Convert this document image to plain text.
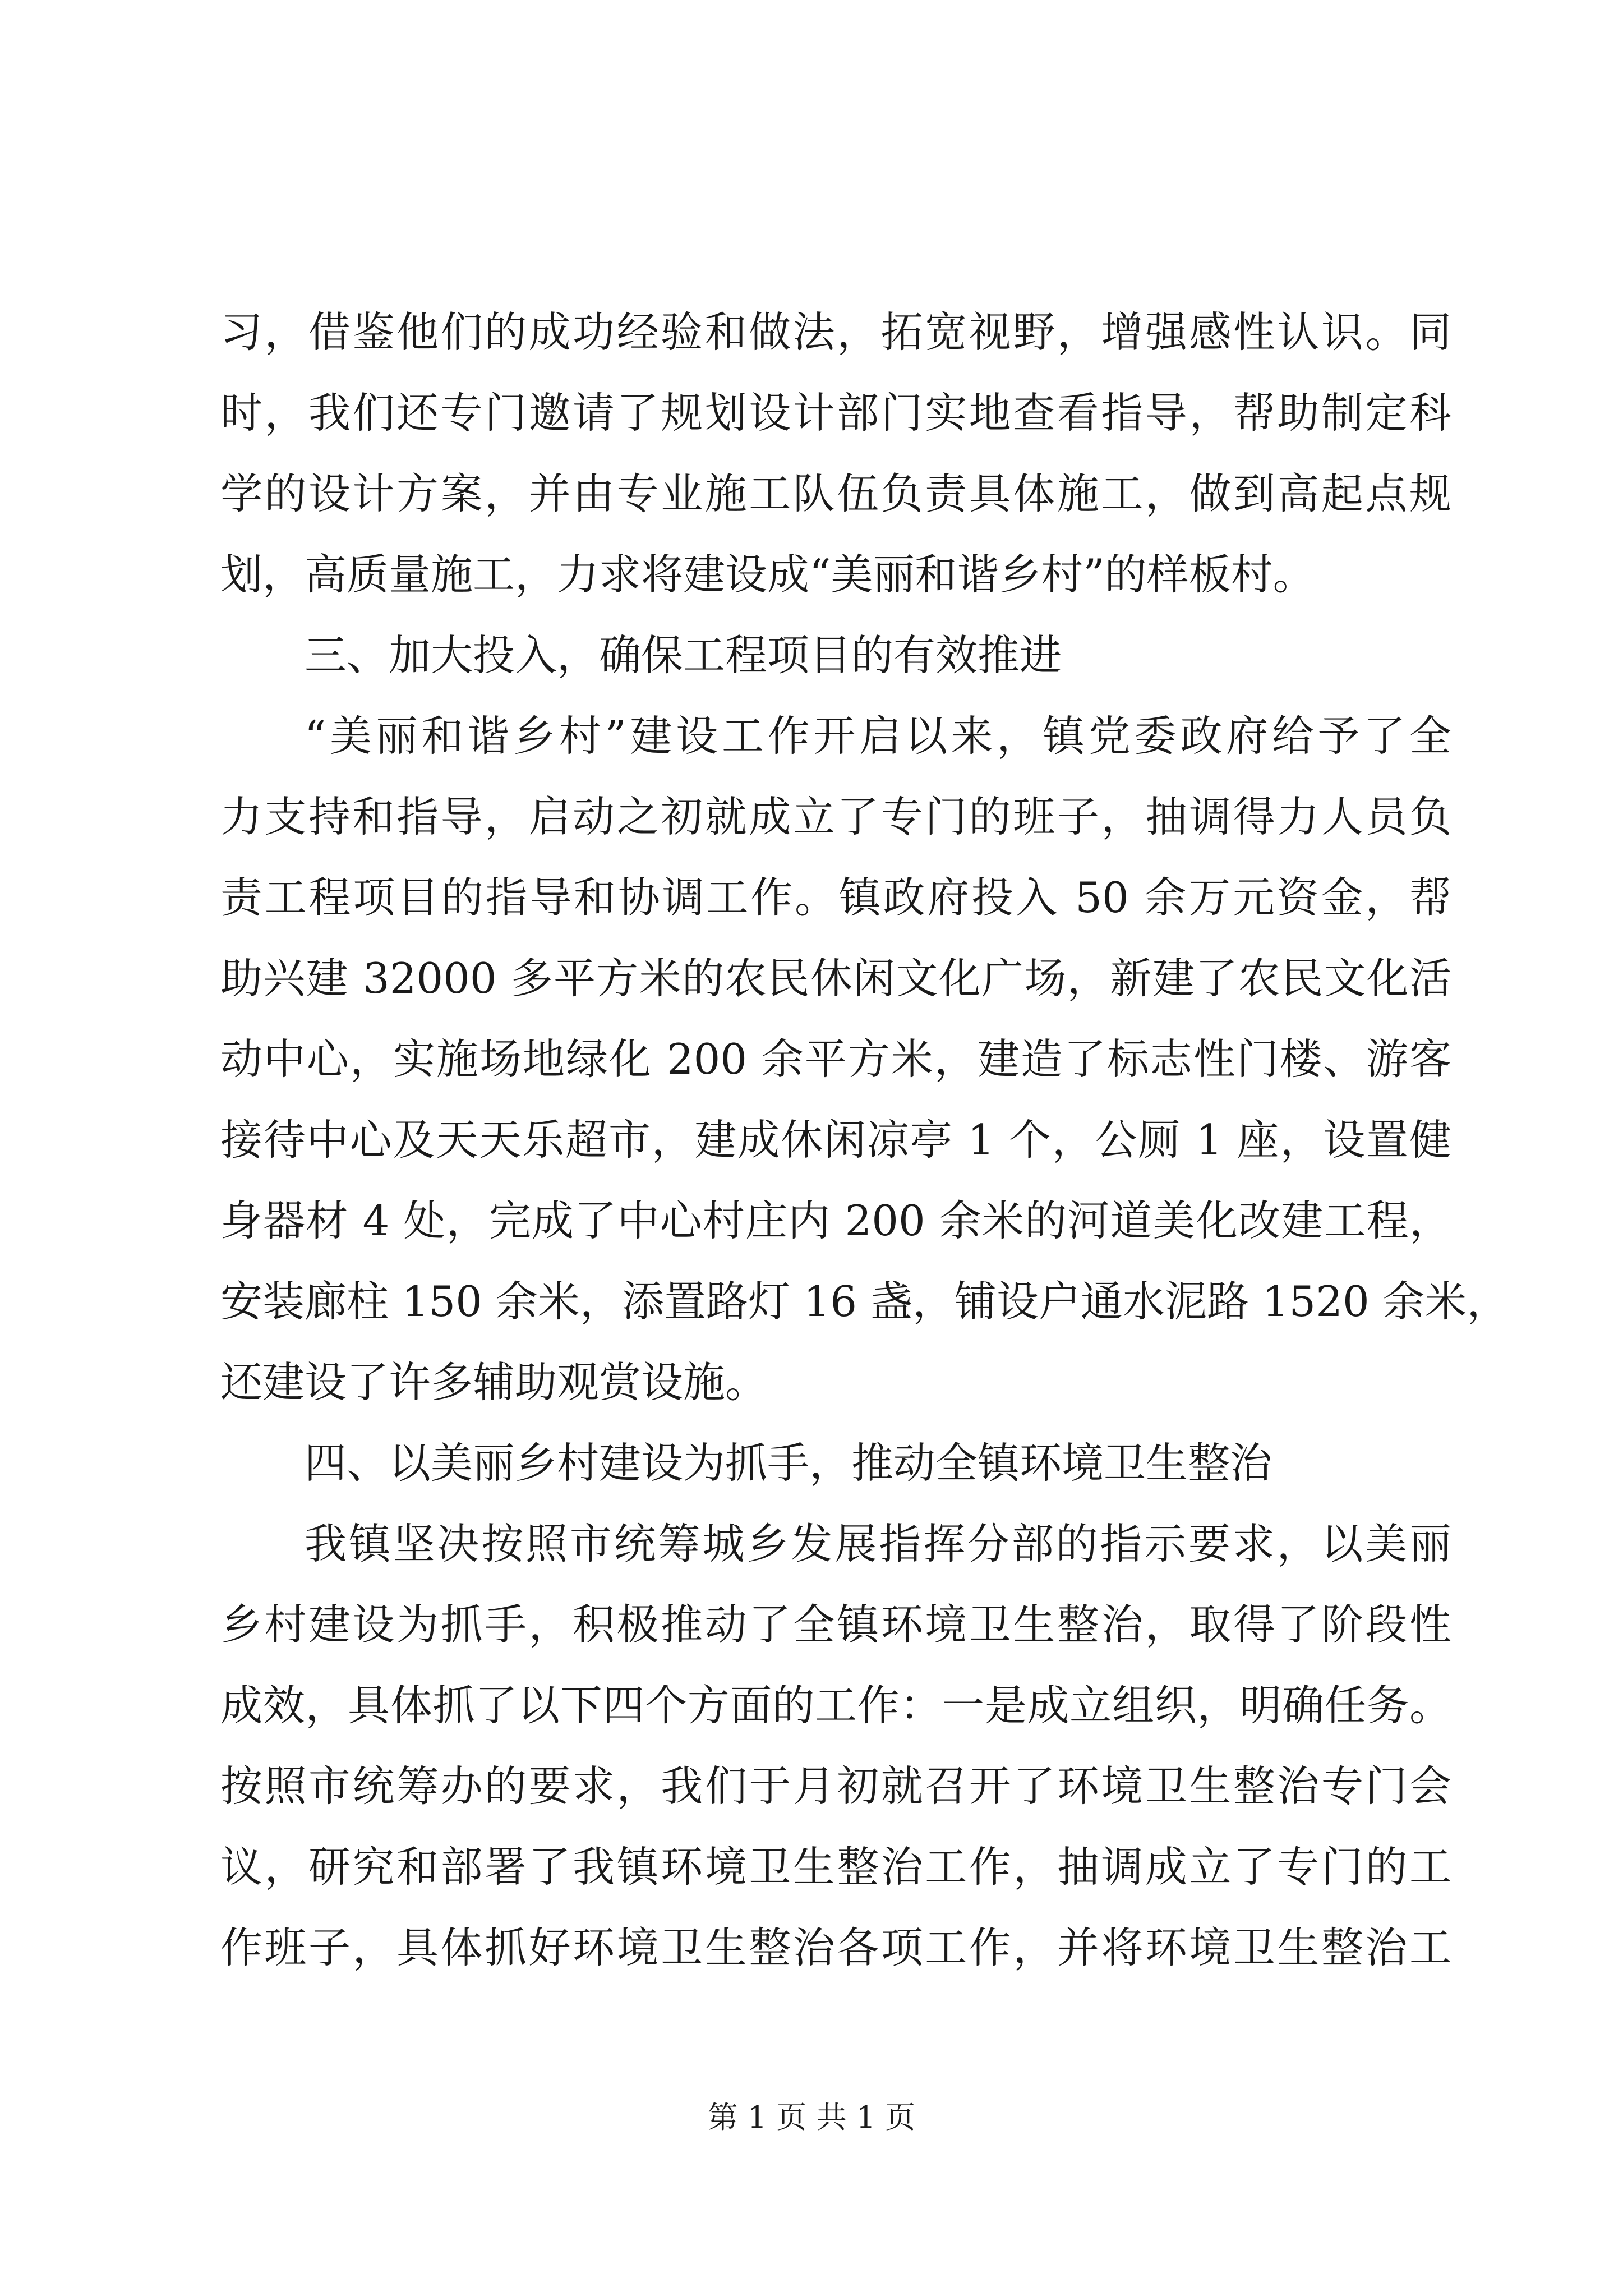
习，借鉴他们的成功经验和做法，拓宽视野，增强感性认识。同
时，我们还专门邀请了规划设计部门实地查看指导，帮助制定科
学的设计方案，并由专业施工队伍负责具体施工，做到高起点规
划，高质量施工，力求将建设成“美丽和谐乡村”的样板村。
三、加大投入，确保工程项目的有效推进
“美丽和谐乡村”建设工作开启以来，镇党委政府给予了全
力支持和指导，启动之初就成立了专门的班子，抽调得力人员负
责工程项目的指导和协调工作。镇政府投入 50 余万元资金，帮
助兴建 32000 多平方米的农民休闲文化广场，新建了农民文化活
动中心，实施场地绿化 200 余平方米，建造了标志性门楼、游客
接待中心及天天乐超市，建成休闲凉亭 1 个，公厕 1 座，设置健
身器材 4 处，完成了中心村庄内 200 余米的河道美化改建工程，
安装廊柱 150 余米，添置路灯 16 盏，铺设户通水泥路 1520 余米，
还建设了许多辅助观赏设施。
四、以美丽乡村建设为抓手，推动全镇环境卫生整治
我镇坚决按照市统筹城乡发展指挥分部的指示要求，以美丽
乡村建设为抓手，积极推动了全镇环境卫生整治，取得了阶段性
成效，具体抓了以下四个方面的工作：一是成立组织，明确任务。
按照市统筹办的要求，我们于月初就召开了环境卫生整治专门会
议，研究和部署了我镇环境卫生整治工作，抽调成立了专门的工
作班子，具体抓好环境卫生整治各项工作，并将环境卫生整治工
第 1 页 共 1 页
